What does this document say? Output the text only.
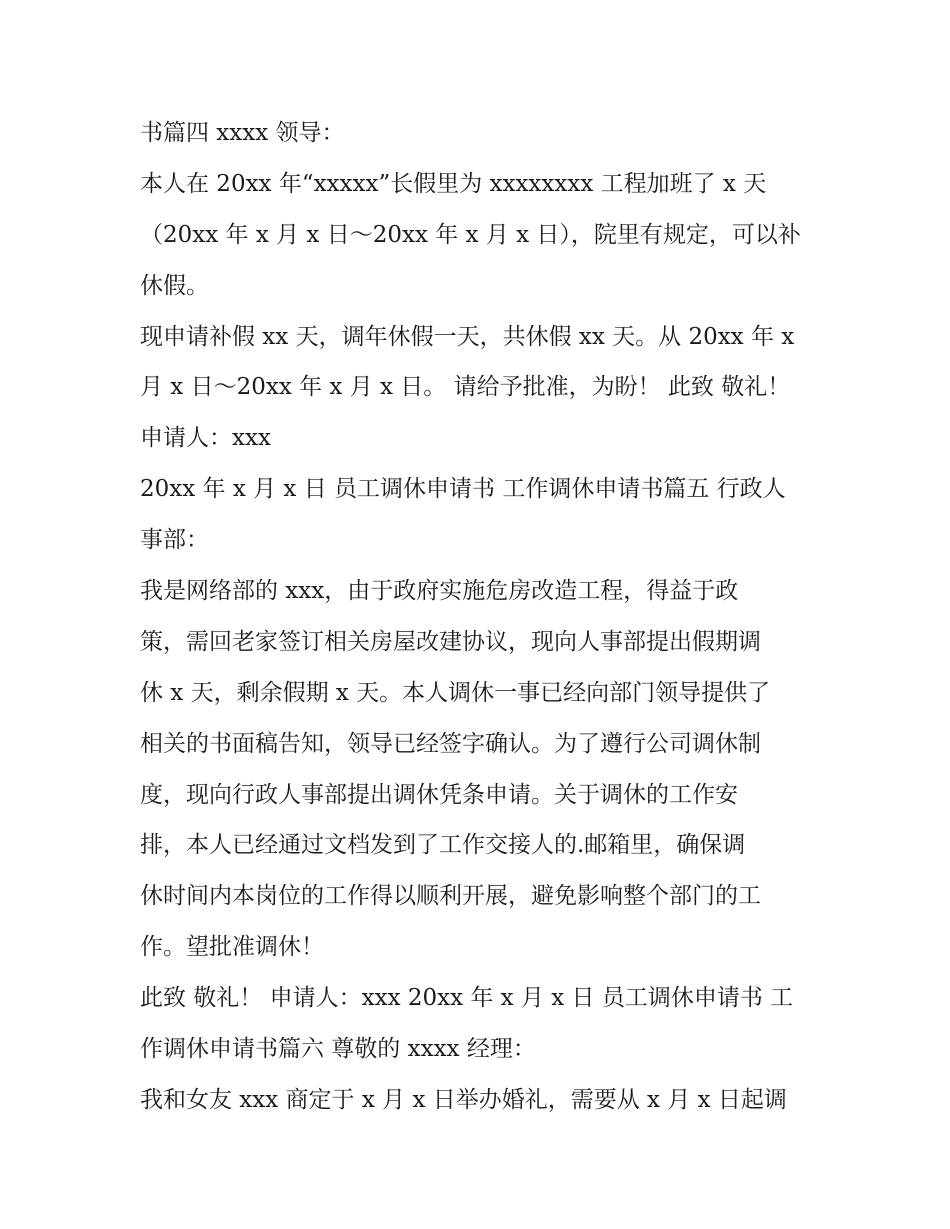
书篇四 xxxx 领导：

本人在 20xx 年“xxxxx”长假里为 xxxxxxxx 工程加班了 x 天

（20xx 年 x 月 x 日～20xx 年 x 月 x 日），院里有规定，可以补

休假。

现申请补假 xx 天，调年休假一天，共休假 xx 天。从 20xx 年 x

月 x 日～20xx 年 x 月 x 日。 请给予批准，为盼！ 此致 敬礼！

申请人：xxx

20xx 年 x 月 x 日 员工调休申请书 工作调休申请书篇五 行政人

事部：

我是网络部的 xxx，由于政府实施危房改造工程，得益于政

策，需回老家签订相关房屋改建协议，现向人事部提出假期调

休 x 天，剩余假期 x 天。本人调休一事已经向部门领导提供了

相关的书面稿告知，领导已经签字确认。为了遵行公司调休制

度，现向行政人事部提出调休凭条申请。关于调休的工作安

排，本人已经通过文档发到了工作交接人的.邮箱里，确保调

休时间内本岗位的工作得以顺利开展，避免影响整个部门的工

作。望批准调休！

此致 敬礼！ 申请人：xxx 20xx 年 x 月 x 日 员工调休申请书 工

作调休申请书篇六 尊敬的 xxxx 经理：

我和女友 xxx 商定于 x 月 x 日举办婚礼，需要从 x 月 x 日起调
